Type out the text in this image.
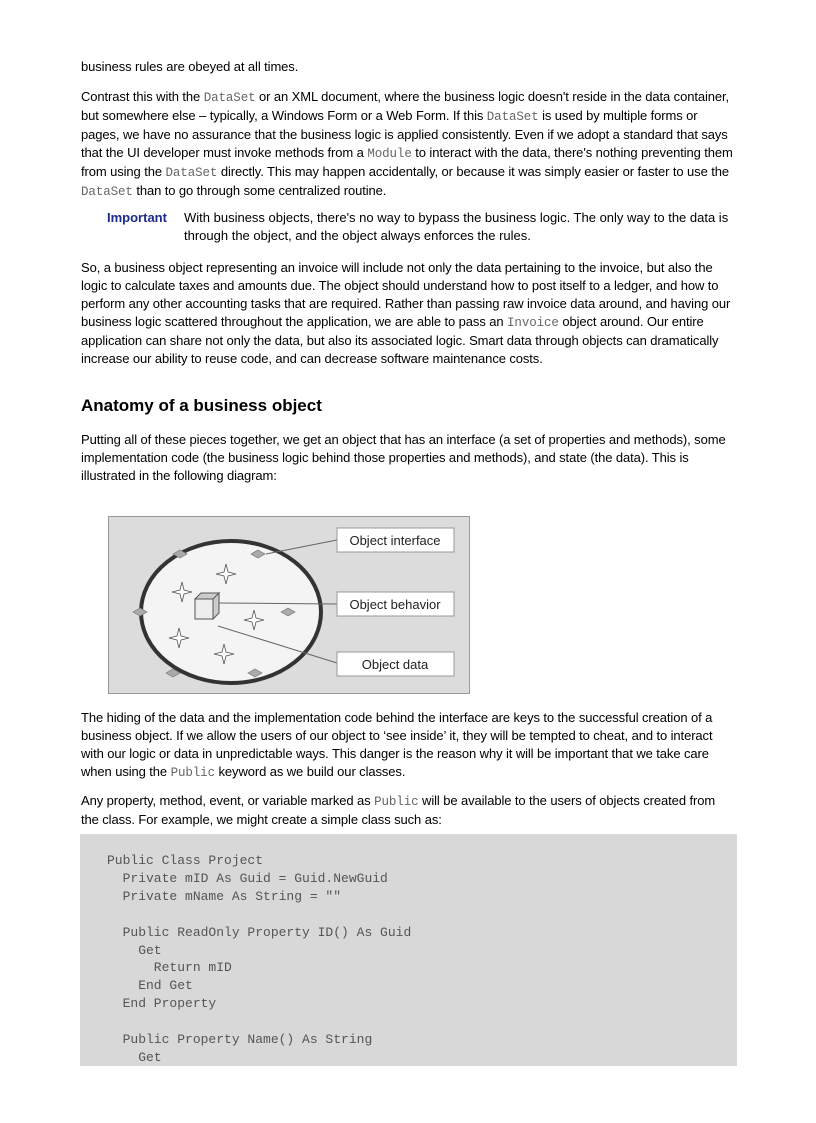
business rules are obeyed at all times.
Contrast this with the DataSet or an XML document, where the business logic doesn't reside in the data container, but somewhere else – typically, a Windows Form or a Web Form. If this DataSet is used by multiple forms or pages, we have no assurance that the business logic is applied consistently. Even if we adopt a standard that says that the UI developer must invoke methods from a Module to interact with the data, there's nothing preventing them from using the DataSet directly. This may happen accidentally, or because it was simply easier or faster to use the DataSet than to go through some centralized routine.
Important	With business objects, there's no way to bypass the business logic. The only way to the data is through the object, and the object always enforces the rules.
So, a business object representing an invoice will include not only the data pertaining to the invoice, but also the logic to calculate taxes and amounts due. The object should understand how to post itself to a ledger, and how to perform any other accounting tasks that are required. Rather than passing raw invoice data around, and having our business logic scattered throughout the application, we are able to pass an Invoice object around. Our entire application can share not only the data, but also its associated logic. Smart data through objects can dramatically increase our ability to reuse code, and can decrease software maintenance costs.
Anatomy of a business object
Putting all of these pieces together, we get an object that has an interface (a set of properties and methods), some implementation code (the business logic behind those properties and methods), and state (the data). This is illustrated in the following diagram:
Object interface
Object behavior
Object data
The hiding of the data and the implementation code behind the interface are keys to the successful creation of a business object. If we allow the users of our object to ‘see inside’ it, they will be tempted to cheat, and to interact with our logic or data in unpredictable ways. This danger is the reason why it will be important that we take care when using the Public keyword as we build our classes.
Any property, method, event, or variable marked as Public will be available to the users of objects created from the class. For example, we might create a simple class such as:
Public Class Project
Private mID As Guid = Guid.NewGuid
Private mName As String = ""

Public ReadOnly Property ID() As Guid
Get
Return mID
End Get
End Property

Public Property Name() As String
Get
